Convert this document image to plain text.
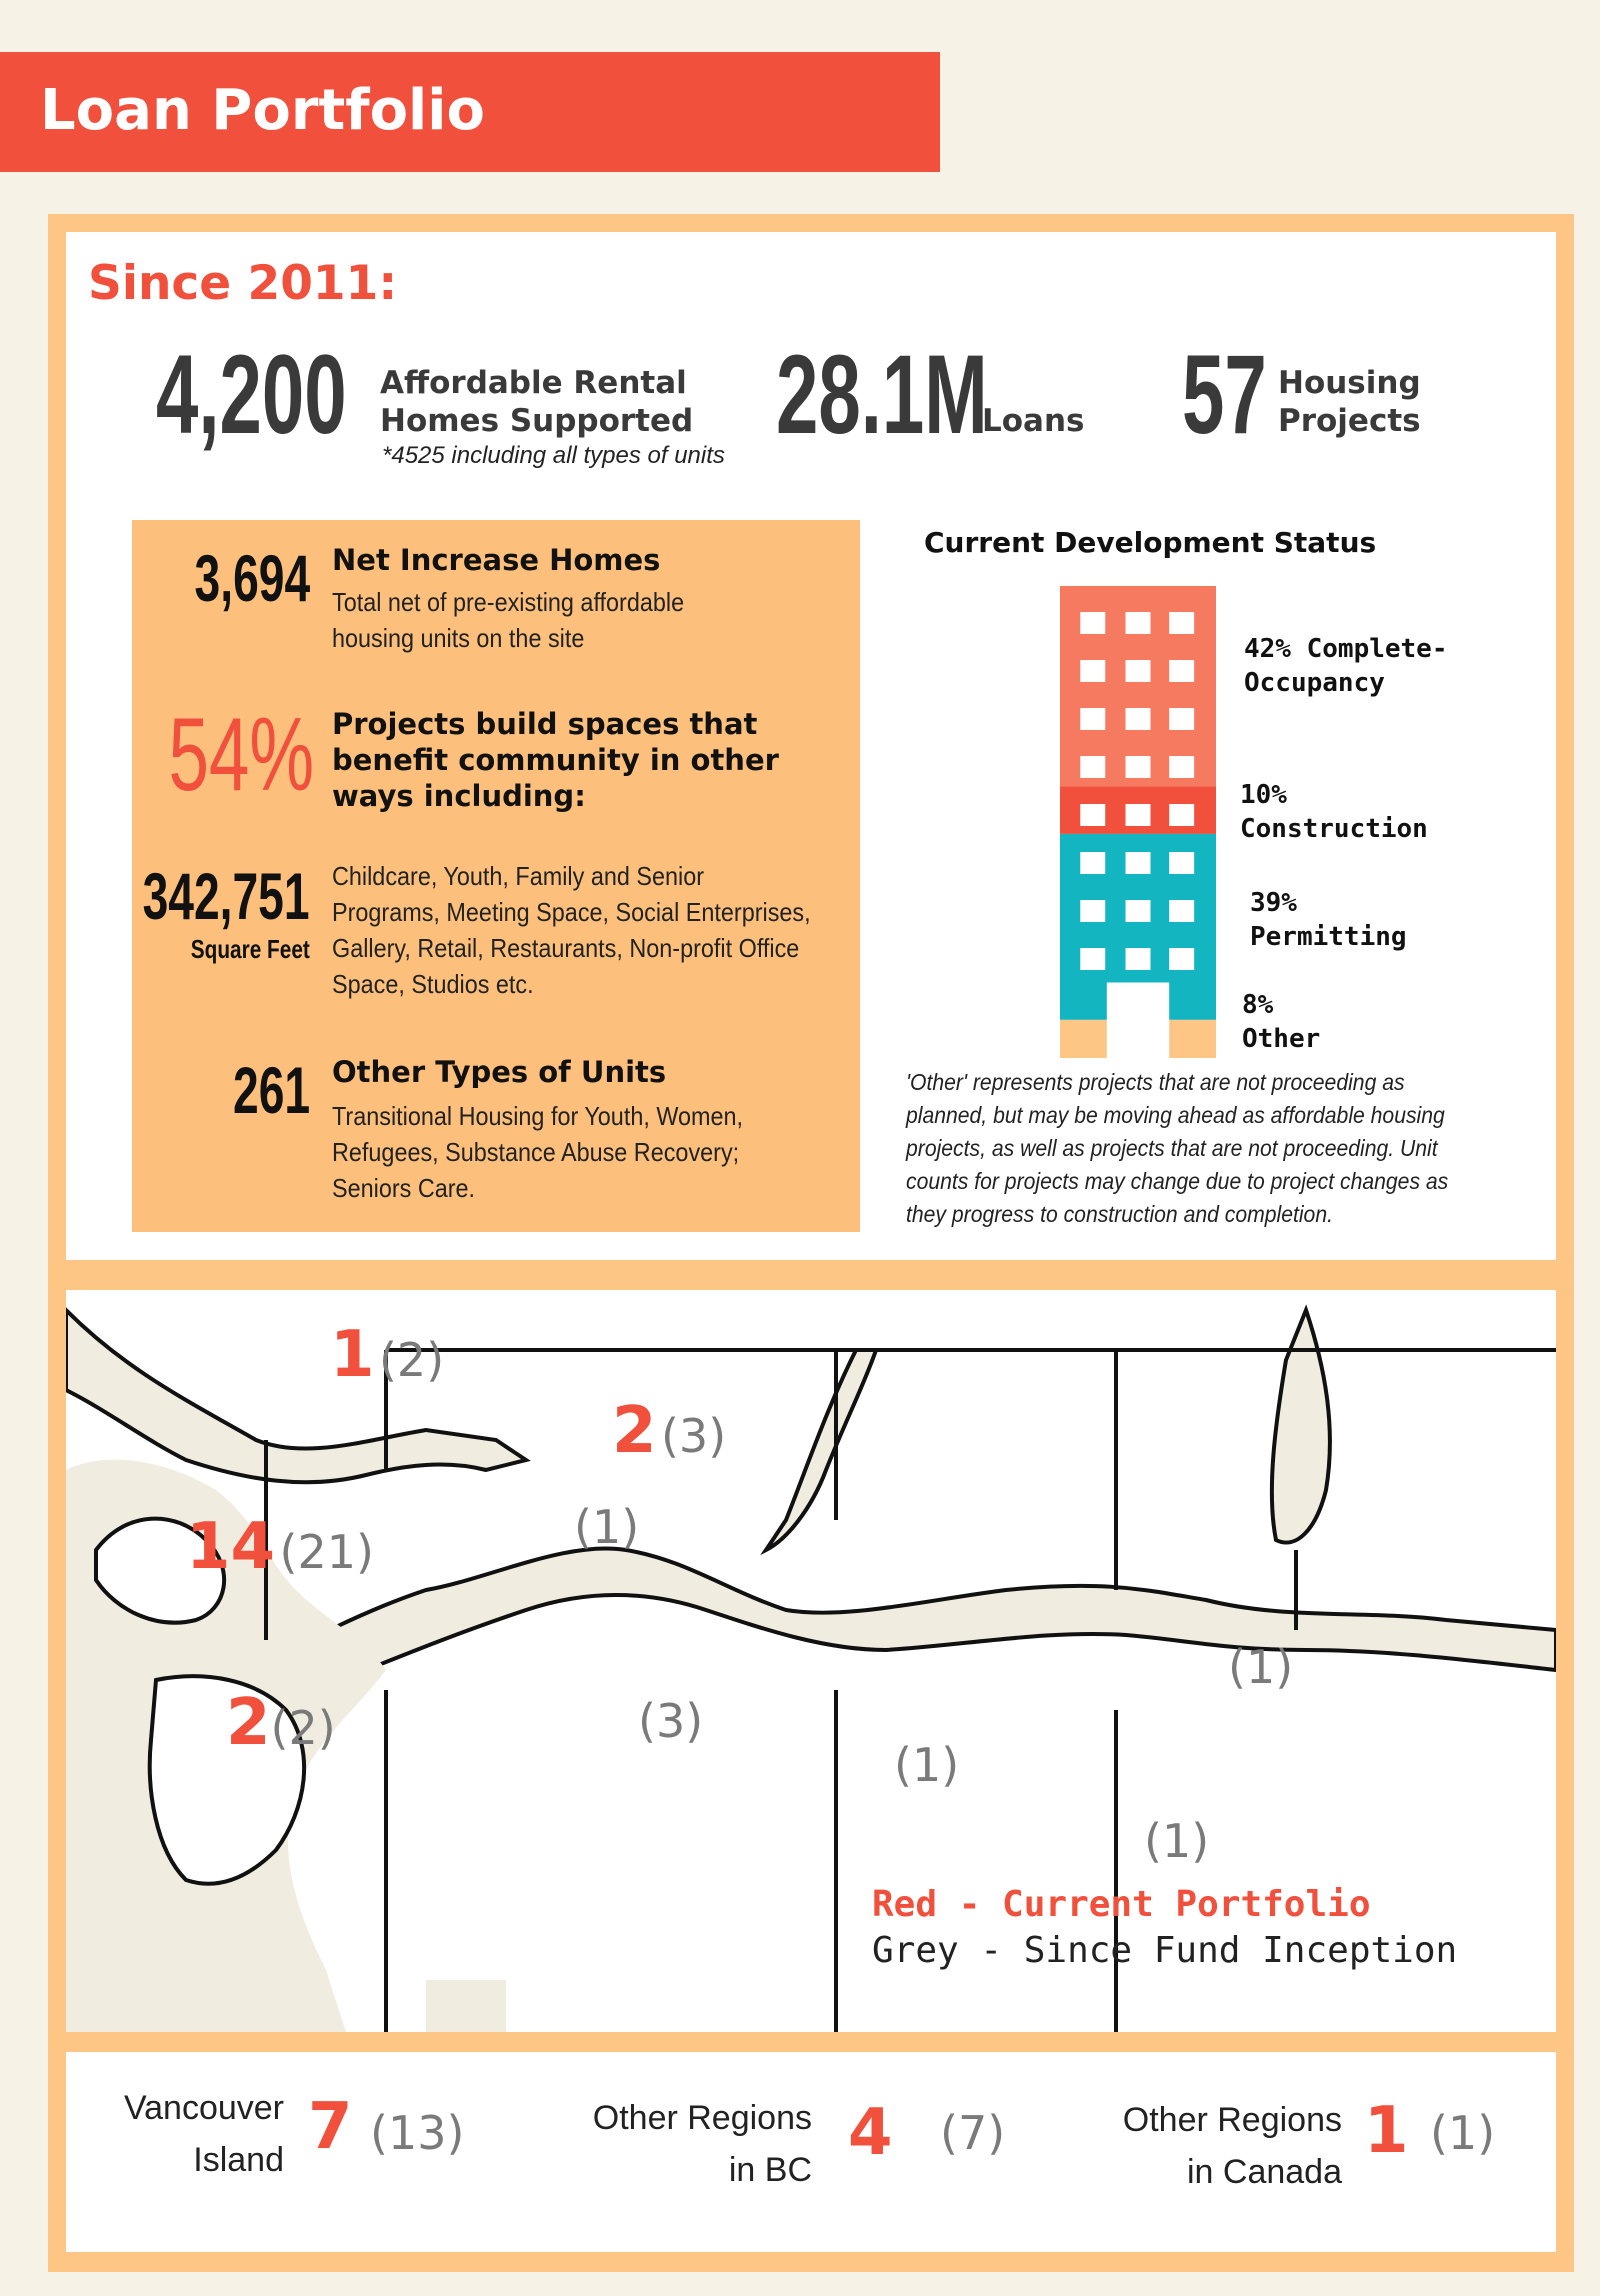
Loan Portfolio
Since 2011:
4,200 Affordable Rental
Homes Supported
*4525 including all types of units 28.1M
Loans 57 Housing
Projects
3,694 Net Increase Homes
Total net of pre-existing affordable
housing units on the site
54% Projects build spaces that
benefit community in other
ways including:
342,751
Square Feet
Childcare, Youth, Family and Senior
Programs, Meeting Space, Social Enterprises,
Gallery, Retail, Restaurants, Non-profit Office
Space, Studios etc.
261 Other Types of Units
Transitional Housing for Youth, Women,
Refugees, Substance Abuse Recovery;
Seniors Care.
Current Development Status
42% Complete-
Occupancy
10%
Construction
39%
Permitting
8%
Other
'Other' represents projects that are not proceeding as planned, but may be moving ahead as affordable housing projects, as well as projects that are not proceeding. Unit counts for projects may change due to project changes as they progress to construction and completion.
1 (2)
2 (3)
(1)
14 (21)
2(2)	(3)
(1)
(1)
(1)
Red - Current Portfolio
Grey - Since Fund Inception
Vancouver
Island 7 (13)	Other Regions
in BC 4 (7)	Other Regions
in Canada
1 (1)
